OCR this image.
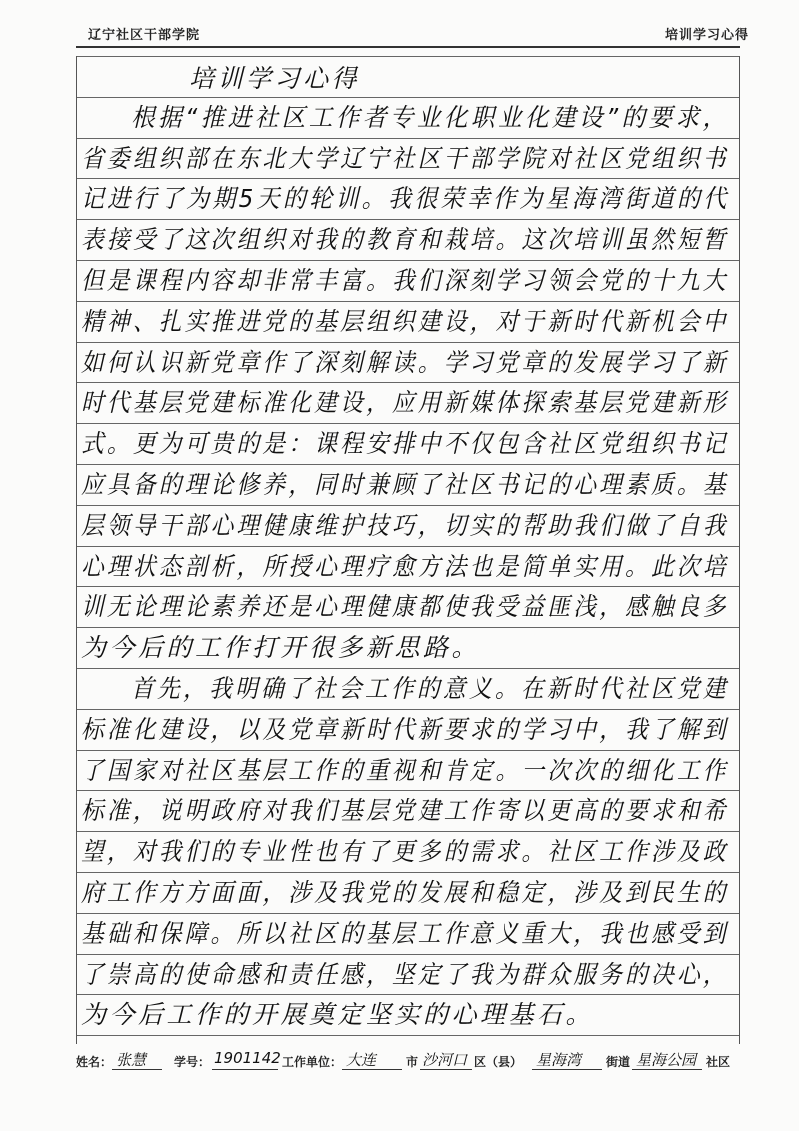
辽宁社区干部学院	培训学习心得
培训学习心得
根据“推进社区工作者专业化职业化建设”的要求，
省委组织部在东北大学辽宁社区干部学院对社区党组织书
记进行了为期5天的轮训。我很荣幸作为星海湾街道的代
表接受了这次组织对我的教育和栽培。这次培训虽然短暂
但是课程内容却非常丰富。我们深刻学习领会党的十九大
精神、扎实推进党的基层组织建设，对于新时代新机会中
如何认识新党章作了深刻解读。学习党章的发展学习了新
时代基层党建标准化建设，应用新媒体探索基层党建新形
式。更为可贵的是：课程安排中不仅包含社区党组织书记
应具备的理论修养，同时兼顾了社区书记的心理素质。基
层领导干部心理健康维护技巧，切实的帮助我们做了自我
心理状态剖析，所授心理疗愈方法也是简单实用。此次培
训无论理论素养还是心理健康都使我受益匪浅，感触良多
为今后的工作打开很多新思路。
首先，我明确了社会工作的意义。在新时代社区党建
标准化建设，以及党章新时代新要求的学习中，我了解到
了国家对社区基层工作的重视和肯定。一次次的细化工作
标准，说明政府对我们基层党建工作寄以更高的要求和希
望，对我们的专业性也有了更多的需求。社区工作涉及政
府工作方方面面，涉及我党的发展和稳定，涉及到民生的
基础和保障。所以社区的基层工作意义重大，我也感受到
了崇高的使命感和责任感，坚定了我为群众服务的决心，
为今后工作的开展奠定坚实的心理基石。
姓名： 张慧 学号： 1901142 工作单位： 大连 市 沙河口 区（县） 星海湾 街道 星海公园 社区
